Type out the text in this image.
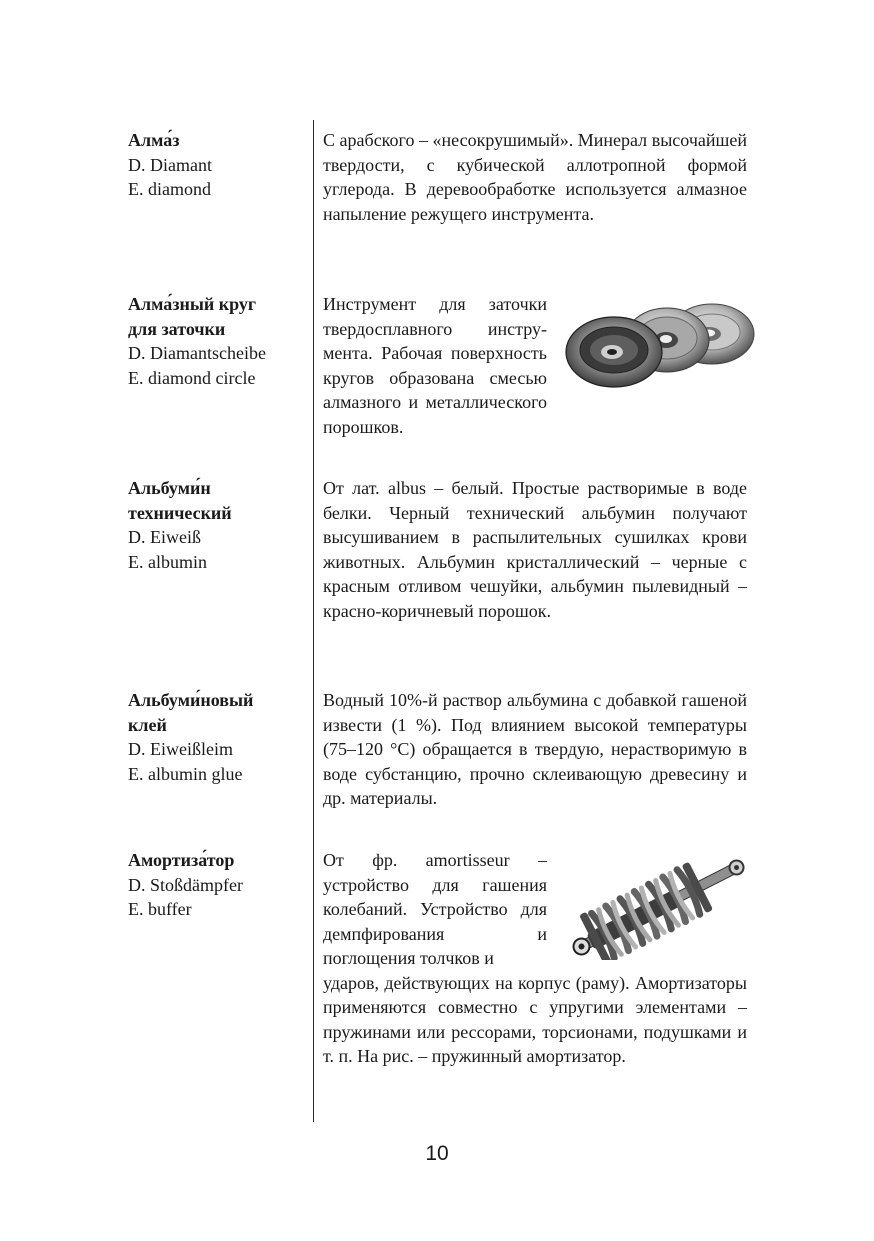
Алма́з
D. Diamant
E. diamond
С арабского – «несокрушимый». Минерал высочайшей твердости, с кубической аллотропной формой углерода. В деревообработке используется алмазное напыление режущего инструмента.
Алма́зный круг
для заточки
D. Diamantscheibe
E. diamond circle
Инструмент для заточки твердосплавного инструмента. Рабочая поверхность кругов образована смесью алмазного и металлического порошков.
Альбуми́н
технический
D. Eiweiß
E. albumin
От лат. albus – белый. Простые растворимые в воде белки. Черный технический альбумин получают высушиванием в распылительных сушилках крови животных. Альбумин кристаллический – черные с красным отливом чешуйки, альбумин пылевидный – красно-коричневый порошок.
Альбуми́новый
клей
D. Eiweißleim
E. albumin glue
Водный 10%-й раствор альбумина с добавкой гашеной извести (1 %). Под влиянием высокой температуры (75–120 °С) обращается в твердую, нерастворимую в воде субстанцию, прочно склеивающую древесину и др. материалы.
Амортиза́тор
D. Stoßdämpfer
E. buffer
От фр. amortisseur – устройство для гашения колебаний. Устройство для демпфирования и поглощения толчков и
ударов, действующих на корпус (раму). Амортизаторы применяются совместно с упругими элементами – пружинами или рессорами, торсионами, подушками и т. п. На рис. – пружинный амортизатор.
10
